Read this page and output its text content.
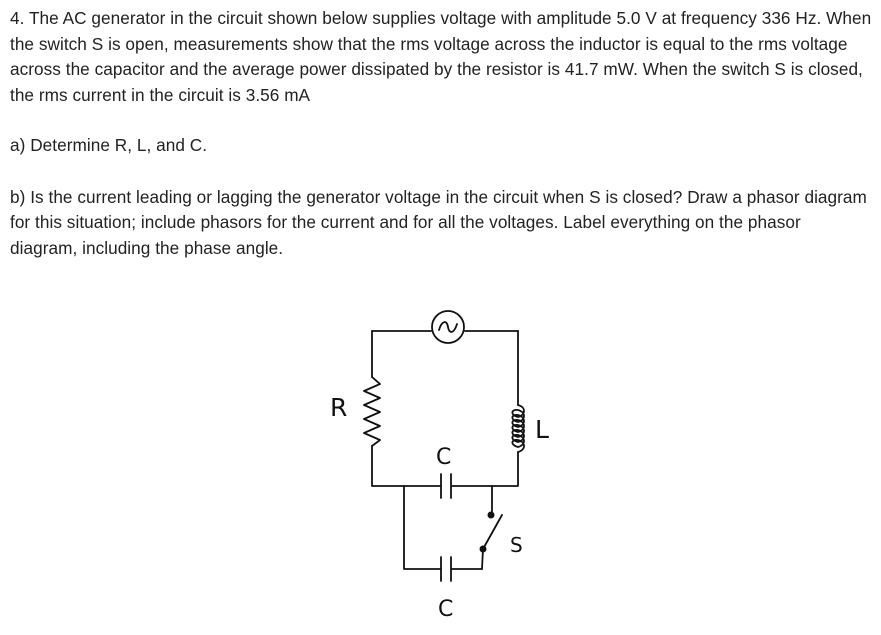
4. The AC generator in the circuit shown below supplies voltage with amplitude 5.0 V at frequency 336 Hz. When the switch S is open, measurements show that the rms voltage across the inductor is equal to the rms voltage across the capacitor and the average power dissipated by the resistor is 41.7 mW. When the switch S is closed, the rms current in the circuit is 3.56 mA

a) Determine R, L, and C.

b) Is the current leading or lagging the generator voltage in the circuit when S is closed? Draw a phasor diagram for this situation; include phasors for the current and for all the voltages. Label everything on the phasor diagram, including the phase angle.

R
L
C
C
S
